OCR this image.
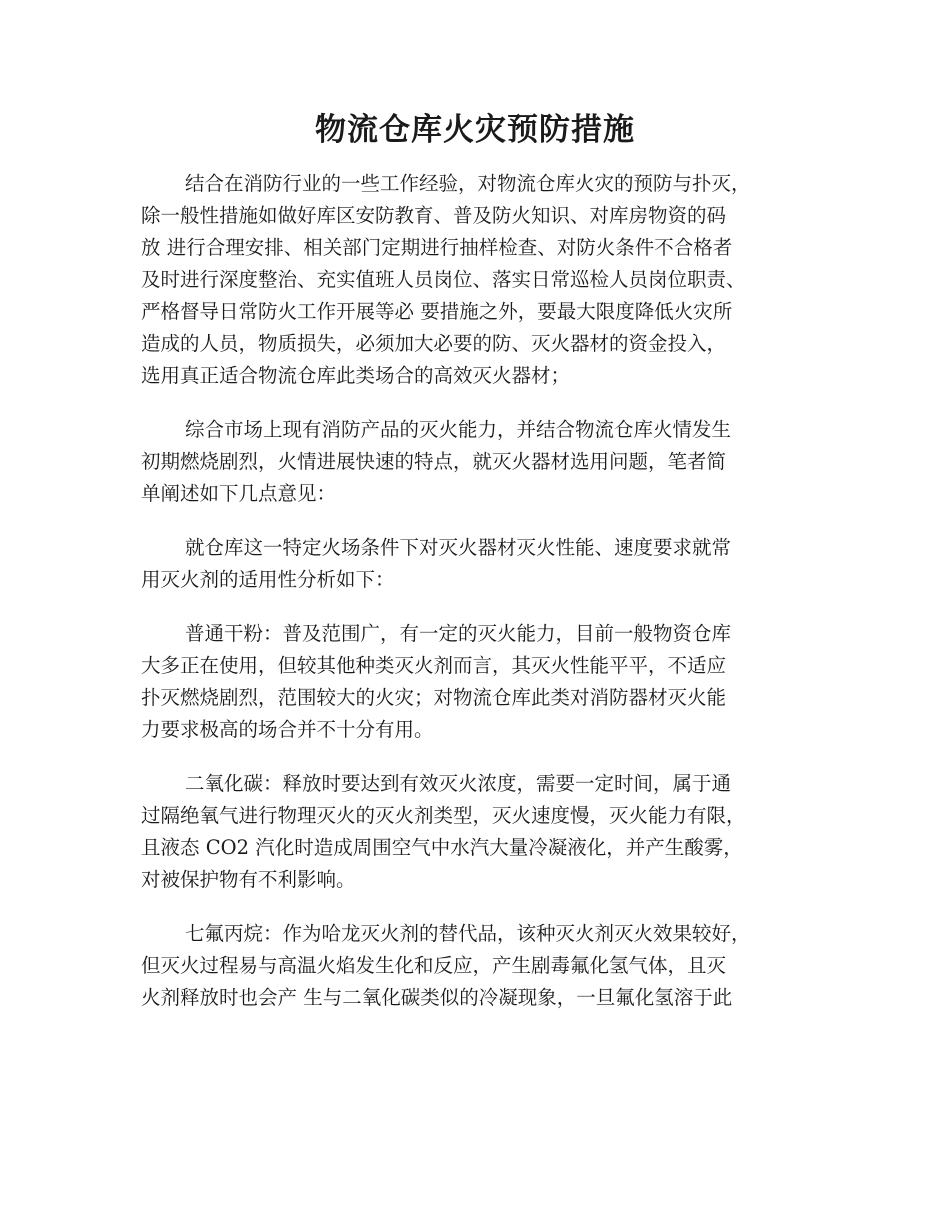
物流仓库火灾预防措施

结合在消防行业的一些工作经验，对物流仓库火灾的预防与扑灭，
除一般性措施如做好库区安防教育、普及防火知识、对库房物资的码
放 进行合理安排、相关部门定期进行抽样检查、对防火条件不合格者
及时进行深度整治、充实值班人员岗位、落实日常巡检人员岗位职责、
严格督导日常防火工作开展等必 要措施之外，要最大限度降低火灾所
造成的人员，物质损失，必须加大必要的防、灭火器材的资金投入，
选用真正适合物流仓库此类场合的高效灭火器材；

综合市场上现有消防产品的灭火能力，并结合物流仓库火情发生
初期燃烧剧烈，火情进展快速的特点，就灭火器材选用问题，笔者简
单阐述如下几点意见：

就仓库这一特定火场条件下对灭火器材灭火性能、速度要求就常
用灭火剂的适用性分析如下：

普通干粉：普及范围广，有一定的灭火能力，目前一般物资仓库
大多正在使用，但较其他种类灭火剂而言，其灭火性能平平，不适应
扑灭燃烧剧烈，范围较大的火灾；对物流仓库此类对消防器材灭火能
力要求极高的场合并不十分有用。

二氧化碳：释放时要达到有效灭火浓度，需要一定时间，属于通
过隔绝氧气进行物理灭火的灭火剂类型，灭火速度慢，灭火能力有限，
且液态 CO2 汽化时造成周围空气中水汽大量冷凝液化，并产生酸雾，
对被保护物有不利影响。

七氟丙烷：作为哈龙灭火剂的替代品，该种灭火剂灭火效果较好，
但灭火过程易与高温火焰发生化和反应，产生剧毒氟化氢气体，且灭
火剂释放时也会产 生与二氧化碳类似的冷凝现象，一旦氟化氢溶于此
